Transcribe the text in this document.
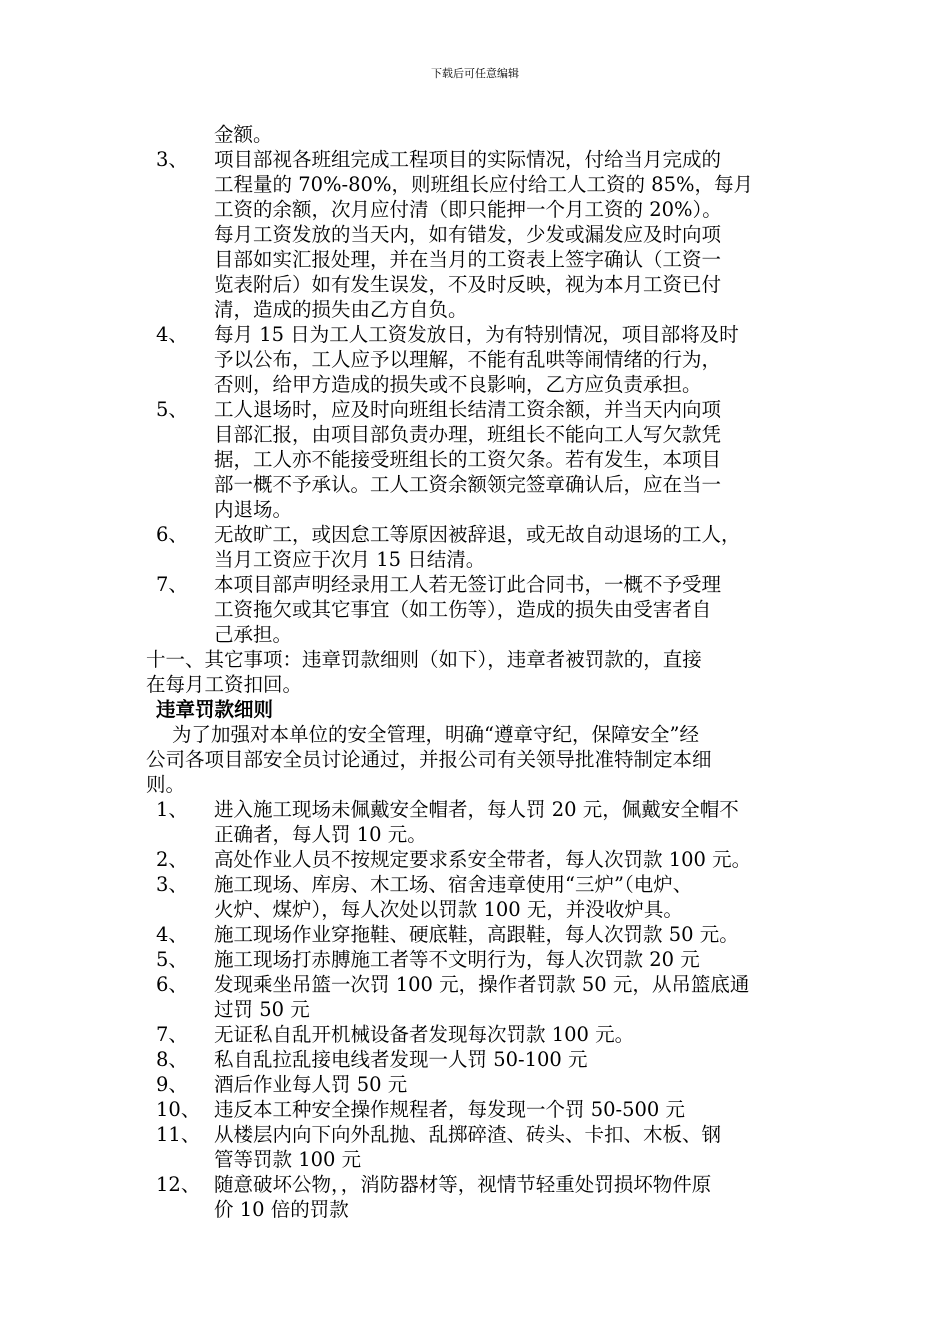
下载后可任意编辑
金额。
3、	项目部视各班组完成工程项目的实际情况，付给当月完成的
工程量的 70%-80%，则班组长应付给工人工资的 85%，每月
工资的余额，次月应付清（即只能押一个月工资的 20%）。
每月工资发放的当天内，如有错发，少发或漏发应及时向项
目部如实汇报处理，并在当月的工资表上签字确认（工资一
览表附后）如有发生误发，不及时反映，视为本月工资已付
清，造成的损失由乙方自负。
4、	每月 15 日为工人工资发放日，为有特别情况，项目部将及时
予以公布，工人应予以理解，不能有乱哄等闹情绪的行为，
否则，给甲方造成的损失或不良影响，乙方应负责承担。
5、	工人退场时，应及时向班组长结清工资余额，并当天内向项
目部汇报，由项目部负责办理，班组长不能向工人写欠款凭
据，工人亦不能接受班组长的工资欠条。若有发生，本项目
部一概不予承认。工人工资余额领完签章确认后，应在当一
内退场。
6、	无故旷工，或因怠工等原因被辞退，或无故自动退场的工人，
当月工资应于次月 15 日结清。
7、	本项目部声明经录用工人若无签订此合同书，一概不予受理
工资拖欠或其它事宜（如工伤等），造成的损失由受害者自
己承担。
十一、其它事项：违章罚款细则（如下），违章者被罚款的，直接
在每月工资扣回。
违章罚款细则
为了加强对本单位的安全管理，明确“遵章守纪，保障安全”经
公司各项目部安全员讨论通过，并报公司有关领导批准特制定本细
则。
1、	进入施工现场未佩戴安全帽者，每人罚 20 元，佩戴安全帽不
正确者，每人罚 10 元。
2、	高处作业人员不按规定要求系安全带者，每人次罚款 100 元。
3、	施工现场、库房、木工场、宿舍违章使用“三炉”（电炉、
火炉、煤炉），每人次处以罚款 100 无，并没收炉具。
4、	施工现场作业穿拖鞋、硬底鞋，高跟鞋，每人次罚款 50 元。
5、	施工现场打赤膊施工者等不文明行为，每人次罚款 20 元
6、	发现乘坐吊篮一次罚 100 元，操作者罚款 50 元，从吊篮底通
过罚 50 元
7、	无证私自乱开机械设备者发现每次罚款 100 元。
8、	私自乱拉乱接电线者发现一人罚 50-100 元
9、	酒后作业每人罚 50 元
10、 违反本工种安全操作规程者，每发现一个罚 50-500 元
11、 从楼层内向下向外乱抛、乱掷碎渣、砖头、卡扣、木板、钢
管等罚款 100 元
12、 随意破坏公物，，消防器材等，视情节轻重处罚损坏物件原
价 10 倍的罚款
